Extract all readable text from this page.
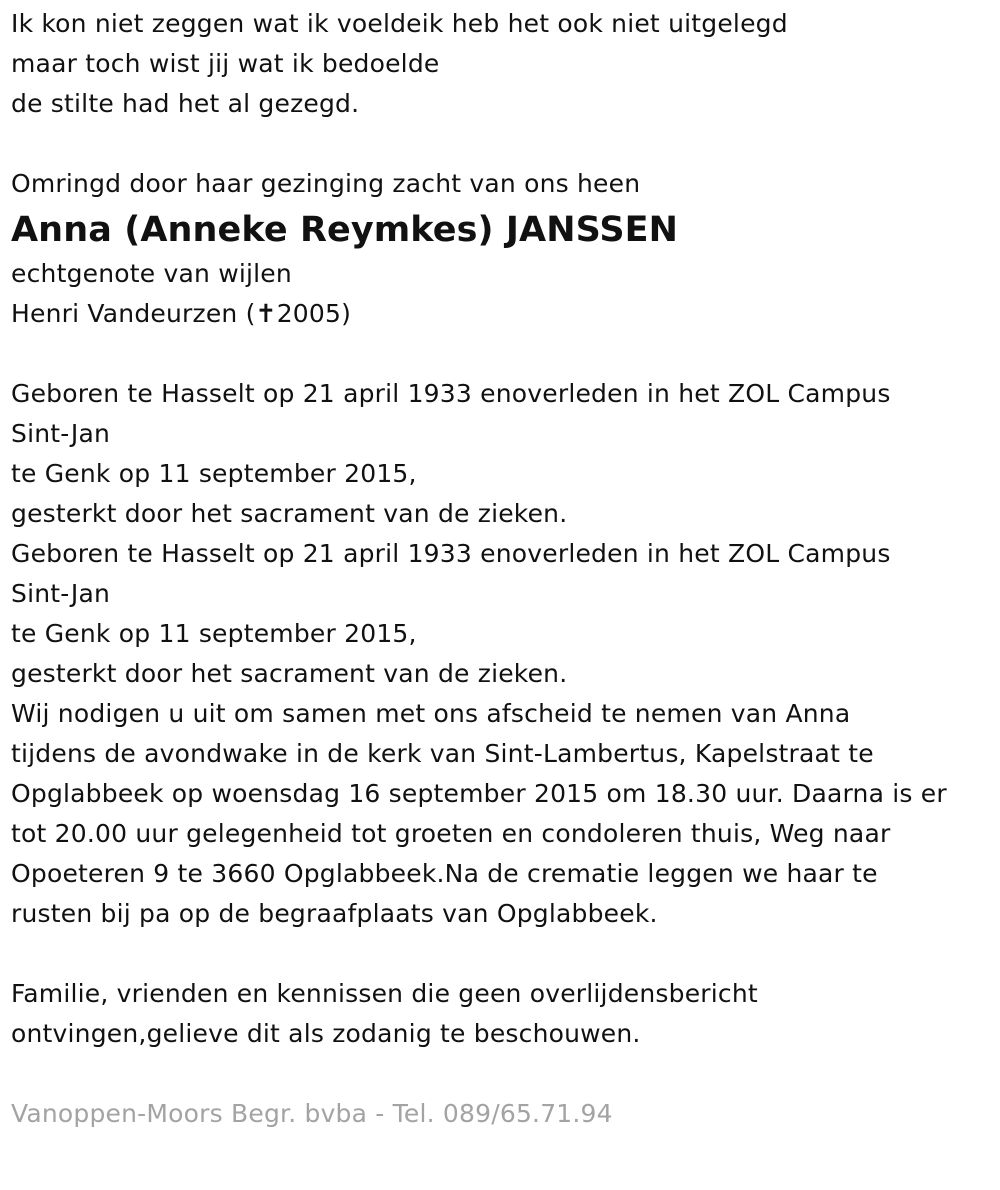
Ik kon niet zeggen wat ik voeldeik heb het ook niet uitgelegd
maar toch wist jij wat ik bedoelde
de stilte had het al gezegd.
Omringd door haar gezinging zacht van ons heen
Anna (Anneke Reymkes) JANSSEN
echtgenote van wijlen
Henri Vandeurzen (✝2005)
Geboren te Hasselt op 21 april 1933 enoverleden in het ZOL Campus
Sint-Jan
te Genk op 11 september 2015,
gesterkt door het sacrament van de zieken.
Geboren te Hasselt op 21 april 1933 enoverleden in het ZOL Campus
Sint-Jan
te Genk op 11 september 2015,
gesterkt door het sacrament van de zieken.
Wij nodigen u uit om samen met ons afscheid te nemen van Anna
tijdens de avondwake in de kerk van Sint-Lambertus, Kapelstraat te
Opglabbeek op woensdag 16 september 2015 om 18.30 uur. Daarna is er
tot 20.00 uur gelegenheid tot groeten en condoleren thuis, Weg naar
Opoeteren 9 te 3660 Opglabbeek.Na de crematie leggen we haar te
rusten bij pa op de begraafplaats van Opglabbeek.
Familie, vrienden en kennissen die geen overlijdensbericht
ontvingen,gelieve dit als zodanig te beschouwen.
Vanoppen-Moors Begr. bvba - Tel. 089/65.71.94
